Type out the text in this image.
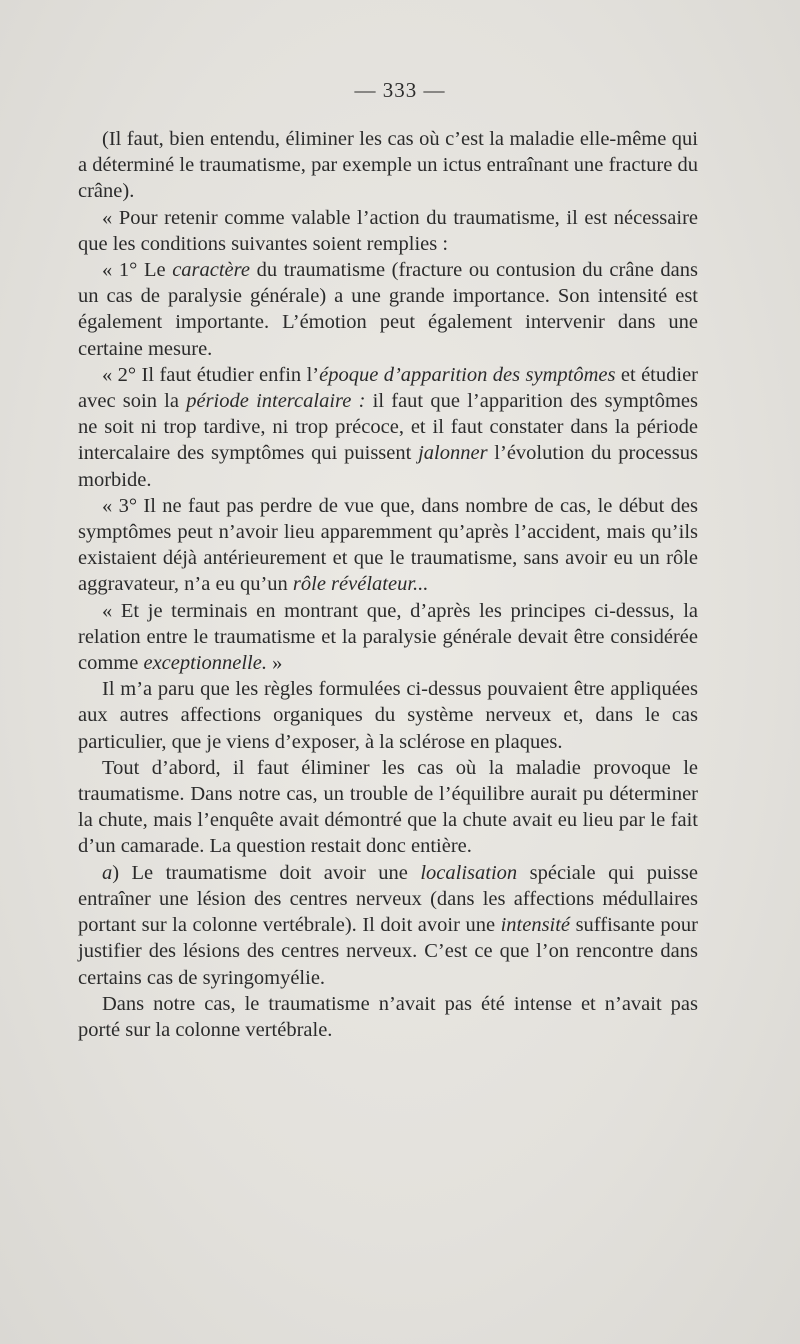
— 333 —

(Il faut, bien entendu, éliminer les cas où c’est la maladie elle-même qui a déterminé le traumatisme, par exemple un ictus entraînant une fracture du crâne).

« Pour retenir comme valable l’action du traumatisme, il est nécessaire que les conditions suivantes soient remplies :

« 1° Le caractère du traumatisme (fracture ou contusion du crâne dans un cas de paralysie générale) a une grande importance. Son intensité est également importante. L’émotion peut également intervenir dans une certaine mesure.

« 2° Il faut étudier enfin l’époque d’apparition des symptômes et étudier avec soin la période intercalaire : il faut que l’apparition des symptômes ne soit ni trop tardive, ni trop précoce, et il faut constater dans la période intercalaire des symptômes qui puissent jalonner l’évolution du processus morbide.

« 3° Il ne faut pas perdre de vue que, dans nombre de cas, le début des symptômes peut n’avoir lieu apparemment qu’après l’accident, mais qu’ils existaient déjà antérieurement et que le traumatisme, sans avoir eu un rôle aggravateur, n’a eu qu’un rôle révélateur...

« Et je terminais en montrant que, d’après les principes ci-dessus, la relation entre le traumatisme et la paralysie générale devait être considérée comme exceptionnelle. »

Il m’a paru que les règles formulées ci-dessus pouvaient être appliquées aux autres affections organiques du système nerveux et, dans le cas particulier, que je viens d’exposer, à la sclérose en plaques.

Tout d’abord, il faut éliminer les cas où la maladie provoque le traumatisme. Dans notre cas, un trouble de l’équilibre aurait pu déterminer la chute, mais l’enquête avait démontré que la chute avait eu lieu par le fait d’un camarade. La question restait donc entière.

a) Le traumatisme doit avoir une localisation spéciale qui puisse entraîner une lésion des centres nerveux (dans les affections médullaires portant sur la colonne vertébrale). Il doit avoir une intensité suffisante pour justifier des lésions des centres nerveux. C’est ce que l’on rencontre dans certains cas de syringomyélie.

Dans notre cas, le traumatisme n’avait pas été intense et n’avait pas porté sur la colonne vertébrale.
